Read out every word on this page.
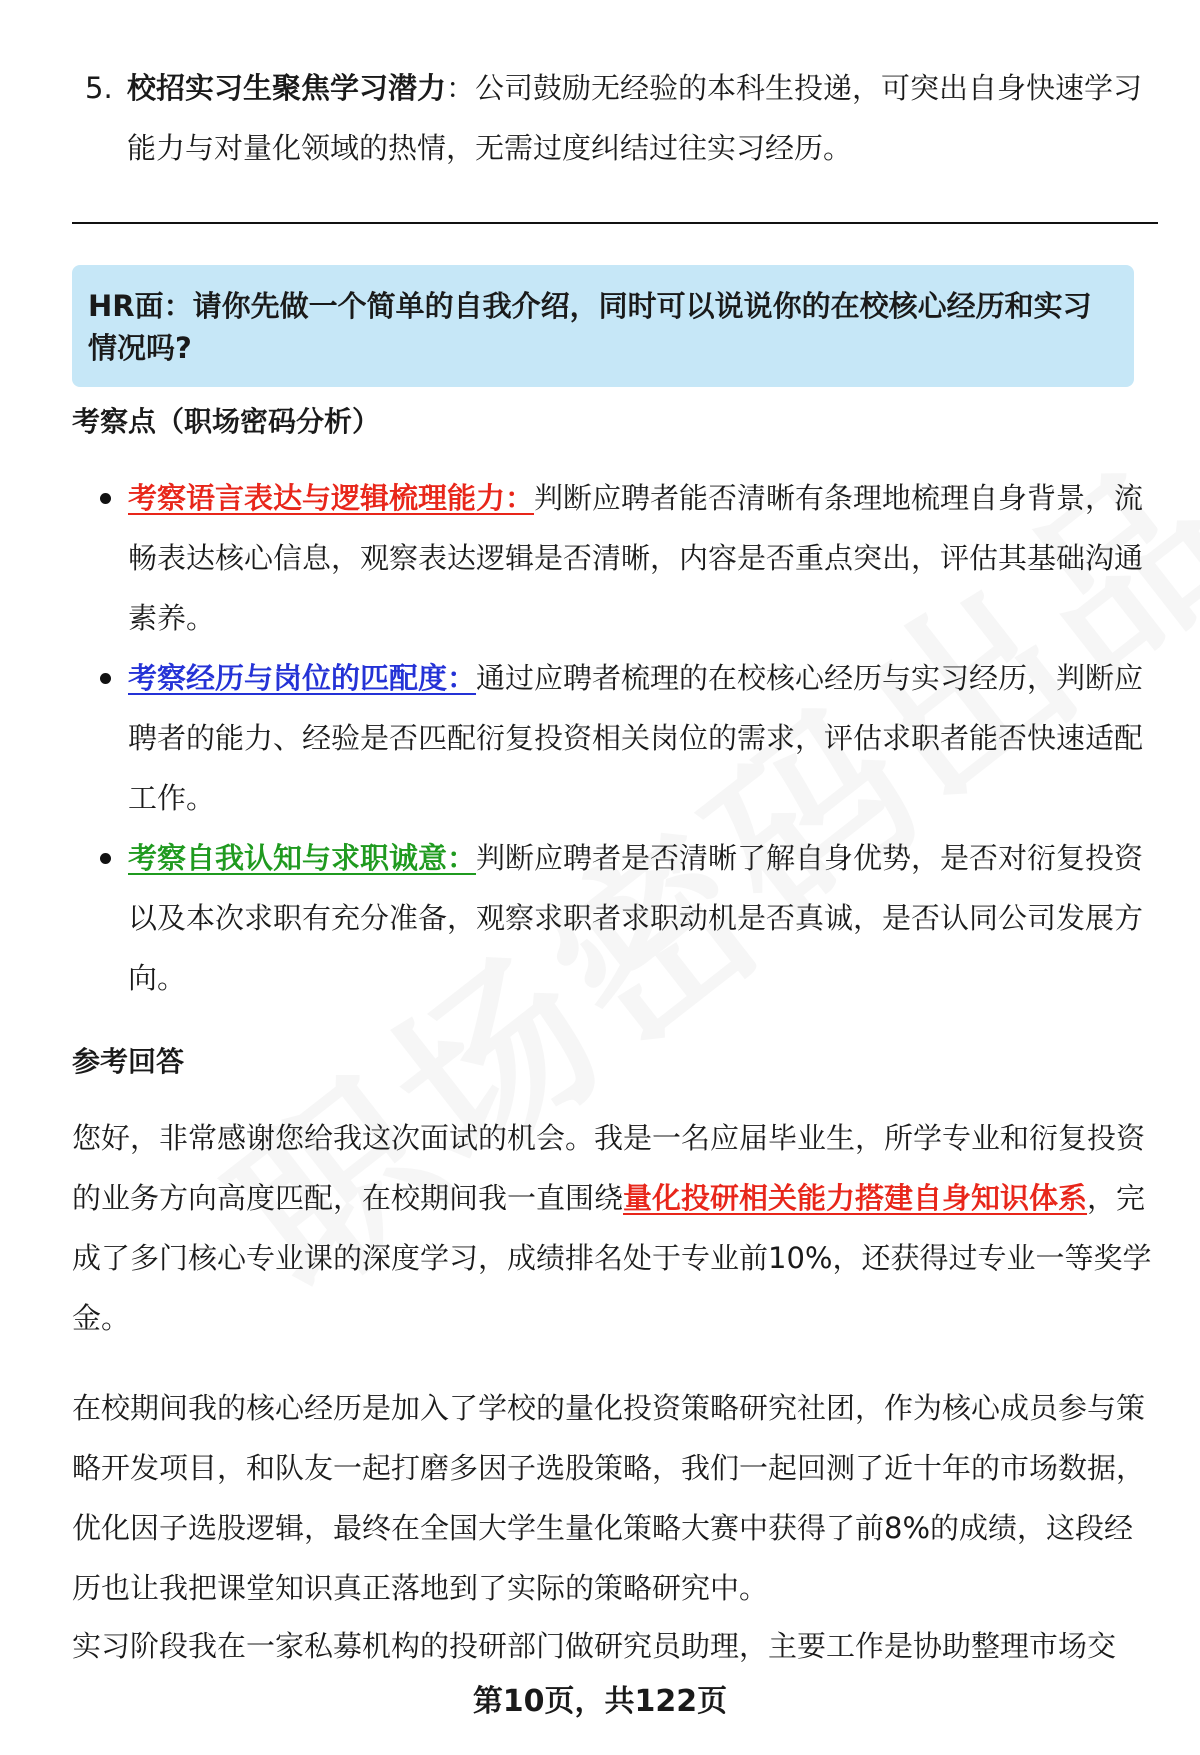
5. 校招实习生聚焦学习潜力：公司鼓励无经验的本科生投递，可突出自身快速学习能力与对量化领域的热情，无需过度纠结过往实习经历。
HR面：请你先做一个简单的自我介绍，同时可以说说你的在校核心经历和实习情况吗?
考察点（职场密码分析）
考察语言表达与逻辑梳理能力：判断应聘者能否清晰有条理地梳理自身背景，流畅表达核心信息，观察表达逻辑是否清晰，内容是否重点突出，评估其基础沟通素养。
考察经历与岗位的匹配度：通过应聘者梳理的在校核心经历与实习经历，判断应聘者的能力、经验是否匹配衍复投资相关岗位的需求，评估求职者能否快速适配工作。
考察自我认知与求职诚意：判断应聘者是否清晰了解自身优势，是否对衍复投资以及本次求职有充分准备，观察求职者求职动机是否真诚，是否认同公司发展方向。
参考回答
您好，非常感谢您给我这次面试的机会。我是一名应届毕业生，所学专业和衍复投资的业务方向高度匹配，在校期间我一直围绕量化投研相关能力搭建自身知识体系，完成了多门核心专业课的深度学习，成绩排名处于专业前10%，还获得过专业一等奖学金。
在校期间我的核心经历是加入了学校的量化投资策略研究社团，作为核心成员参与策略开发项目，和队友一起打磨多因子选股策略，我们一起回测了近十年的市场数据，优化因子选股逻辑，最终在全国大学生量化策略大赛中获得了前8%的成绩，这段经历也让我把课堂知识真正落地到了实际的策略研究中。
实习阶段我在一家私募机构的投研部门做研究员助理，主要工作是协助整理市场交
第10页，共122页
